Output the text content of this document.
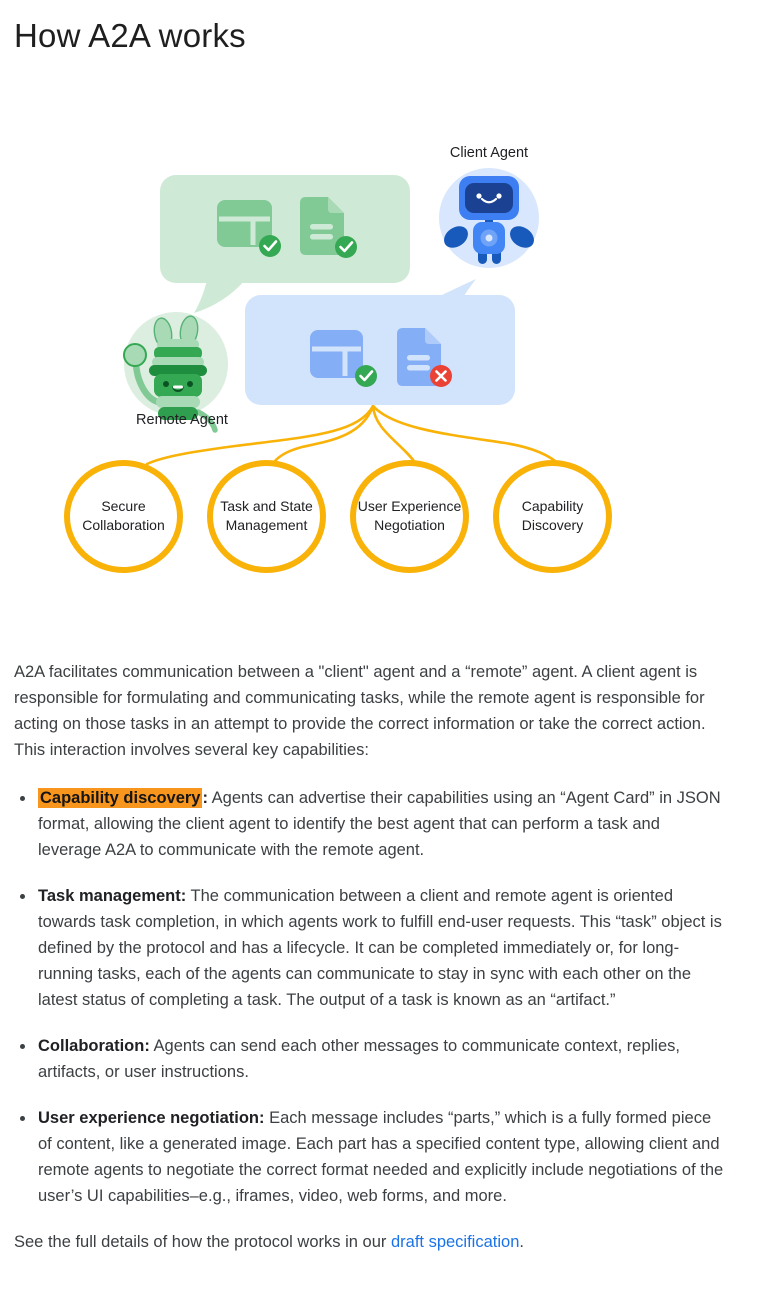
How A2A works
Client Agent
Remote Agent
Secure
Collaboration
Task and State
Management
User Experience
Negotiation
Capability
Discovery

A2A facilitates communication between a "client" agent and a “remote” agent. A client agent is responsible for formulating and communicating tasks, while the remote agent is responsible for acting on those tasks in an attempt to provide the correct information or take the correct action. This interaction involves several key capabilities:

• Capability discovery : Agents can advertise their capabilities using an “Agent Card” in JSON format, allowing the client agent to identify the best agent that can perform a task and leverage A2A to communicate with the remote agent.
• Task management: The communication between a client and remote agent is oriented towards task completion, in which agents work to fulfill end-user requests. This “task” object is defined by the protocol and has a lifecycle. It can be completed immediately or, for long-running tasks, each of the agents can communicate to stay in sync with each other on the latest status of completing a task. The output of a task is known as an “artifact.”
• Collaboration: Agents can send each other messages to communicate context, replies, artifacts, or user instructions.
• User experience negotiation: Each message includes “parts,” which is a fully formed piece of content, like a generated image. Each part has a specified content type, allowing client and remote agents to negotiate the correct format needed and explicitly include negotiations of the user’s UI capabilities–e.g., iframes, video, web forms, and more.

See the full details of how the protocol works in our draft specification.
